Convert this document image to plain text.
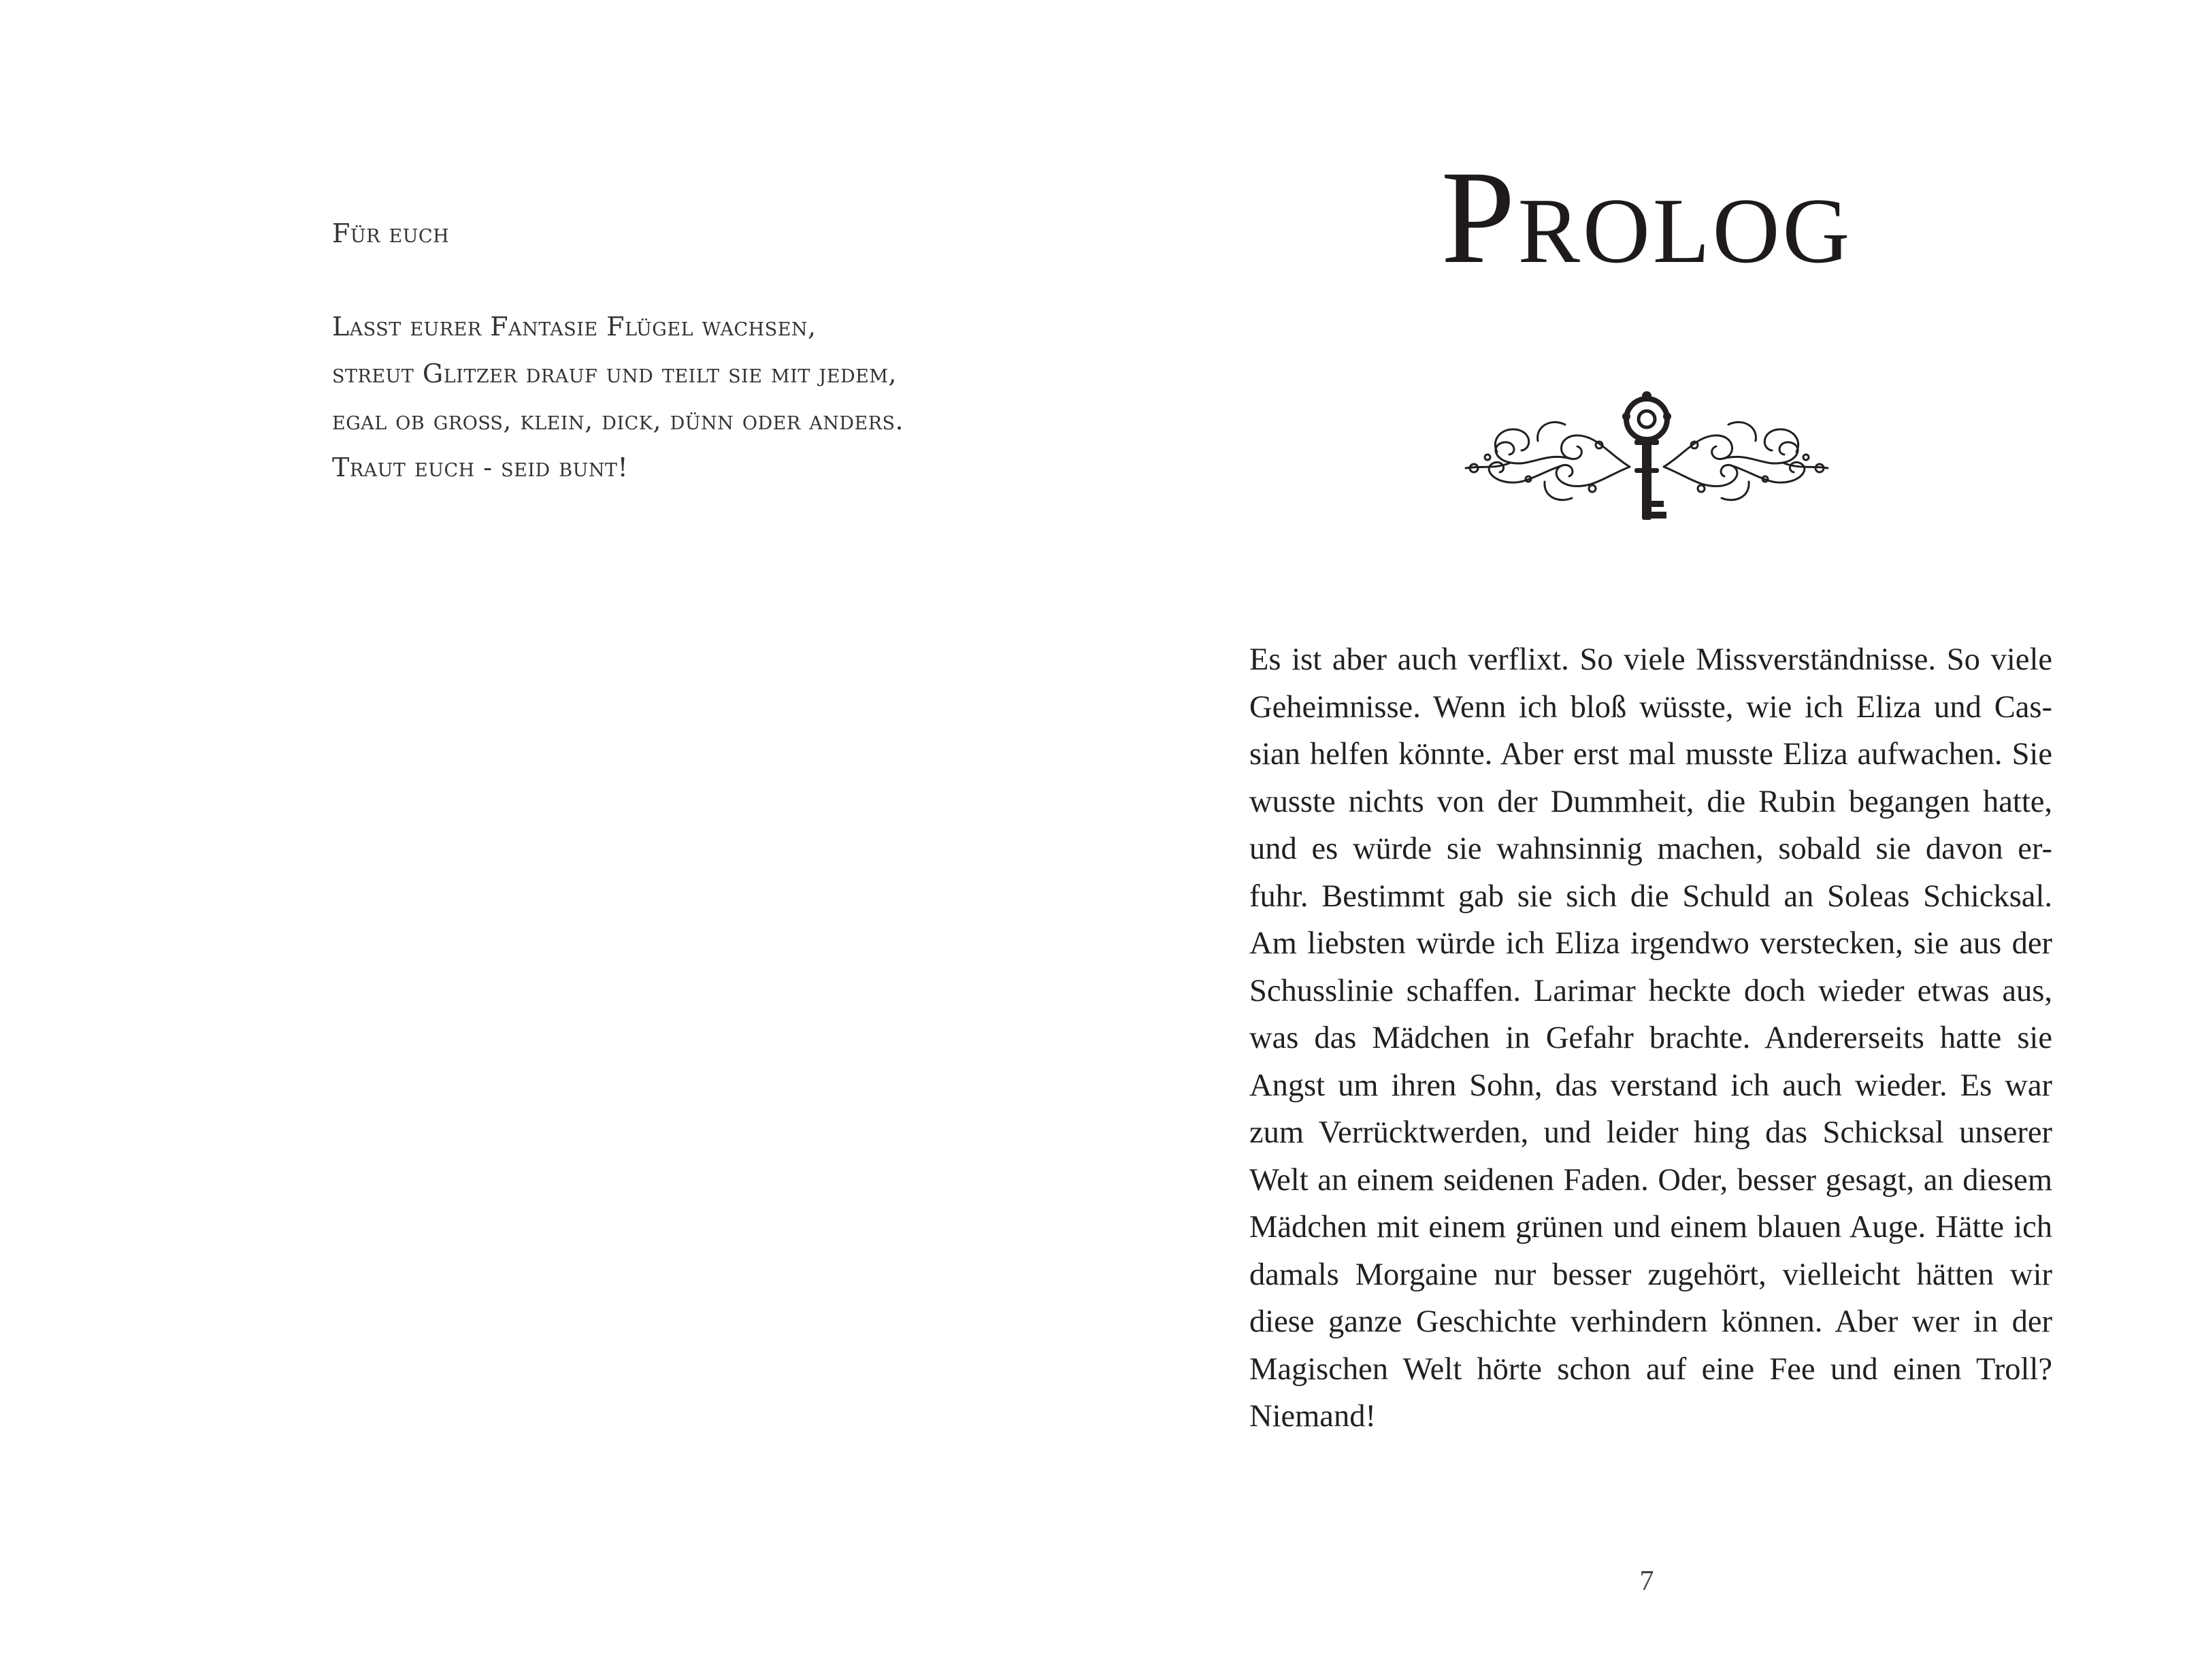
Für euch
Lasst eurer Fantasie Flügel wachsen,
streut Glitzer drauf und teilt sie mit jedem,
egal ob groß, klein, dick, dünn oder anders.
Traut euch - seid bunt!
Prolog
Es ist aber auch verflixt. So viele Missverständnisse. So viele
Geheimnisse. Wenn ich bloß wüsste, wie ich Eliza und Cas-
sian helfen könnte. Aber erst mal musste Eliza aufwachen. Sie
wusste nichts von der Dummheit, die Rubin begangen hatte,
und es würde sie wahnsinnig machen, sobald sie davon er-
fuhr. Bestimmt gab sie sich die Schuld an Soleas Schicksal.
Am liebsten würde ich Eliza irgendwo verstecken, sie aus der
Schusslinie schaffen. Larimar heckte doch wieder etwas aus,
was das Mädchen in Gefahr brachte. Andererseits hatte sie
Angst um ihren Sohn, das verstand ich auch wieder. Es war
zum Verrücktwerden, und leider hing das Schicksal unserer
Welt an einem seidenen Faden. Oder, besser gesagt, an diesem
Mädchen mit einem grünen und einem blauen Auge. Hätte ich
damals Morgaine nur besser zugehört, vielleicht hätten wir
diese ganze Geschichte verhindern können. Aber wer in der
Magischen Welt hörte schon auf eine Fee und einen Troll?
Niemand!
7
